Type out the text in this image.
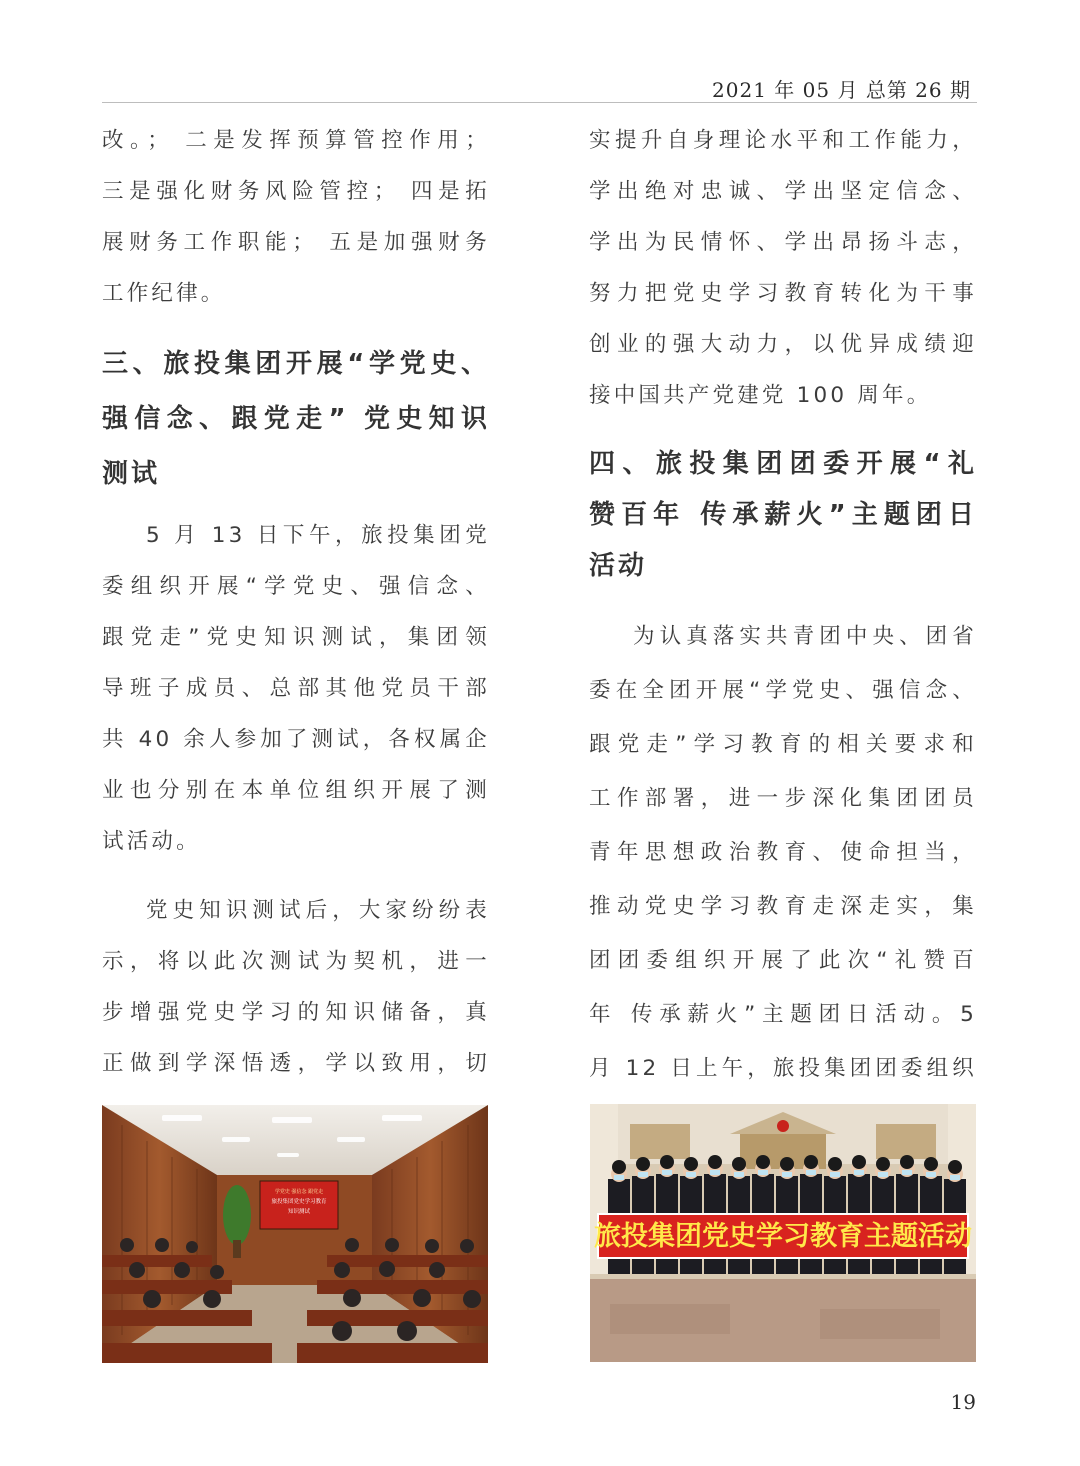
2021 年 05 月 总第 26 期
改。； 二是发挥预算管控作用；
三是强化财务风险管控； 四是拓
展财务工作职能； 五是加强财务
工作纪律。
三、旅投集团开展“学党史、
强信念、跟党走” 党史知识
测试
5 月 13 日下午，旅投集团党
委组织开展“学党史、强信念、
跟党走”党史知识测试，集团领
导班子成员、总部其他党员干部
共 40 余人参加了测试，各权属企
业也分别在本单位组织开展了测
试活动。
党史知识测试后，大家纷纷表
示，将以此次测试为契机，进一
步增强党史学习的知识储备，真
正做到学深悟透，学以致用，切
实提升自身理论水平和工作能力，
学出绝对忠诚、学出坚定信念、
学出为民情怀、学出昂扬斗志，
努力把党史学习教育转化为干事
创业的强大动力，以优异成绩迎
接中国共产党建党 100 周年。
四、旅投集团团委开展“礼
赞百年 传承薪火”主题团日
活动
为认真落实共青团中央、团省
委在全团开展“学党史、强信念、
跟党走”学习教育的相关要求和
工作部署，进一步深化集团团员
青年思想政治教育、使命担当，
推动党史学习教育走深走实，集
团团委组织开展了此次“礼赞百
年 传承薪火”主题团日活动。5
月 12 日上午，旅投集团团委组织
学党史 强信念 跟党走
旅投集团党史学习教育
知识测试
旅投集团党史学习教育主题活动
19
